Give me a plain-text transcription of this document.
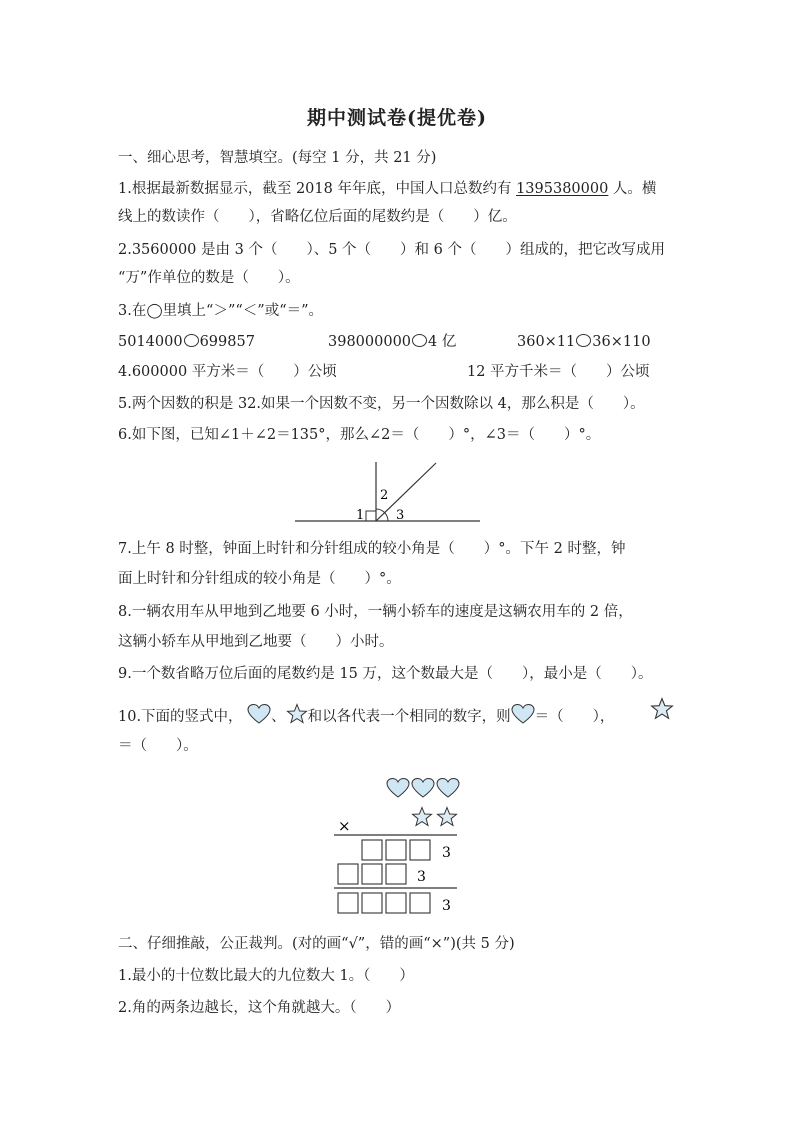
期中测试卷(提优卷)
一、细心思考，智慧填空。(每空 1 分，共 21 分)
1.根据最新数据显示，截至 2018 年年底，中国人口总数约有 1395380000 人。横
线上的数读作（　　），省略亿位后面的尾数约是（　　）亿。
2.3560000 是由 3 个（　　）、5 个（　　）和 6 个（　　）组成的，把它改写成用
“万”作单位的数是（　　）。
3.在◯里填上“＞”“＜”或“＝”。
5014000 699857	398000000 4 亿	360×11 36×110
4.600000 平方米＝（　　）公顷	12 平方千米＝（　　）公顷
5.两个因数的积是 32.如果一个因数不变，另一个因数除以 4，那么积是（　　）。
6.如下图，已知∠1＋∠2＝135°，那么∠2＝（　　）°，∠3＝（　　）°。
1
2
3
7.上午 8 时整，钟面上时针和分针组成的较小角是（　　）°。下午 2 时整，钟
面上时针和分针组成的较小角是（　　）°。
8.一辆农用车从甲地到乙地要 6 小时，一辆小轿车的速度是这辆农用车的 2 倍，
这辆小轿车从甲地到乙地要（　　）小时。
9.一个数省略万位后面的尾数约是 15 万，这个数最大是（　　），最小是（　　）。
10.下面的竖式中， 、 和以各代表一个相同的数字，则 ＝（　　），
＝（　　）。
×
3
3
3
二、仔细推敲，公正裁判。(对的画“√”，错的画“×”)(共 5 分)
1.最小的十位数比最大的九位数大 1。（　　）
2.角的两条边越长，这个角就越大。（　　）
